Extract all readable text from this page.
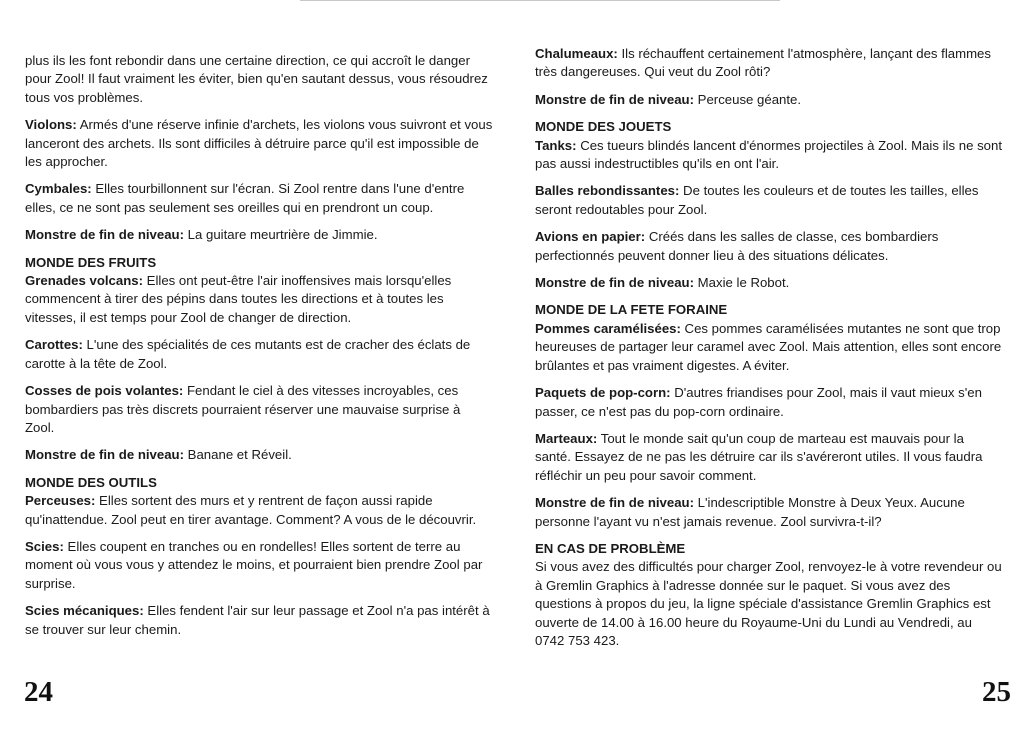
plus ils les font rebondir dans une certaine direction, ce qui accroît le danger pour Zool! Il faut vraiment les éviter, bien qu'en sautant dessus, vous résoudrez tous vos problèmes.

Violons: Armés d'une réserve infinie d'archets, les violons vous suivront et vous lanceront des archets. Ils sont difficiles à détruire parce qu'il est impossible de les approcher.

Cymbales: Elles tourbillonnent sur l'écran. Si Zool rentre dans l'une d'entre elles, ce ne sont pas seulement ses oreilles qui en prendront un coup.

Monstre de fin de niveau: La guitare meurtrière de Jimmie.

MONDE DES FRUITS

Grenades volcans: Elles ont peut-être l'air inoffensives mais lorsqu'elles commencent à tirer des pépins dans toutes les directions et à toutes les vitesses, il est temps pour Zool de changer de direction.

Carottes: L'une des spécialités de ces mutants est de cracher des éclats de carotte à la tête de Zool.

Cosses de pois volantes: Fendant le ciel à des vitesses incroyables, ces bombardiers pas très discrets pourraient réserver une mauvaise surprise à Zool.

Monstre de fin de niveau: Banane et Réveil.

MONDE DES OUTILS

Perceuses: Elles sortent des murs et y rentrent de façon aussi rapide qu'inattendue. Zool peut en tirer avantage. Comment? A vous de le découvrir.

Scies: Elles coupent en tranches ou en rondelles! Elles sortent de terre au moment où vous vous y attendez le moins, et pourraient bien prendre Zool par surprise.

Scies mécaniques: Elles fendent l'air sur leur passage et Zool n'a pas intérêt à se trouver sur leur chemin.

Chalumeaux: Ils réchauffent certainement l'atmosphère, lançant des flammes très dangereuses. Qui veut du Zool rôti?

Monstre de fin de niveau: Perceuse géante.

MONDE DES JOUETS

Tanks: Ces tueurs blindés lancent d'énormes projectiles à Zool. Mais ils ne sont pas aussi indestructibles qu'ils en ont l'air.

Balles rebondissantes: De toutes les couleurs et de toutes les tailles, elles seront redoutables pour Zool.

Avions en papier: Créés dans les salles de classe, ces bombardiers perfectionnés peuvent donner lieu à des situations délicates.

Monstre de fin de niveau: Maxie le Robot.

MONDE DE LA FETE FORAINE

Pommes caramélisées: Ces pommes caramélisées mutantes ne sont que trop heureuses de partager leur caramel avec Zool. Mais attention, elles sont encore brûlantes et pas vraiment digestes. A éviter.

Paquets de pop-corn: D'autres friandises pour Zool, mais il vaut mieux s'en passer, ce n'est pas du pop-corn ordinaire.

Marteaux: Tout le monde sait qu'un coup de marteau est mauvais pour la santé. Essayez de ne pas les détruire car ils s'avéreront utiles. Il vous faudra réfléchir un peu pour savoir comment.

Monstre de fin de niveau: L'indescriptible Monstre à Deux Yeux. Aucune personne l'ayant vu n'est jamais revenue. Zool survivra-t-il?

EN CAS DE PROBLÈME

Si vous avez des difficultés pour charger Zool, renvoyez-le à votre revendeur ou à Gremlin Graphics à l'adresse donnée sur le paquet. Si vous avez des questions à propos du jeu, la ligne spéciale d'assistance Gremlin Graphics est ouverte de 14.00 à 16.00 heure du Royaume-Uni du Lundi au Vendredi, au 0742 753 423.

24	25
